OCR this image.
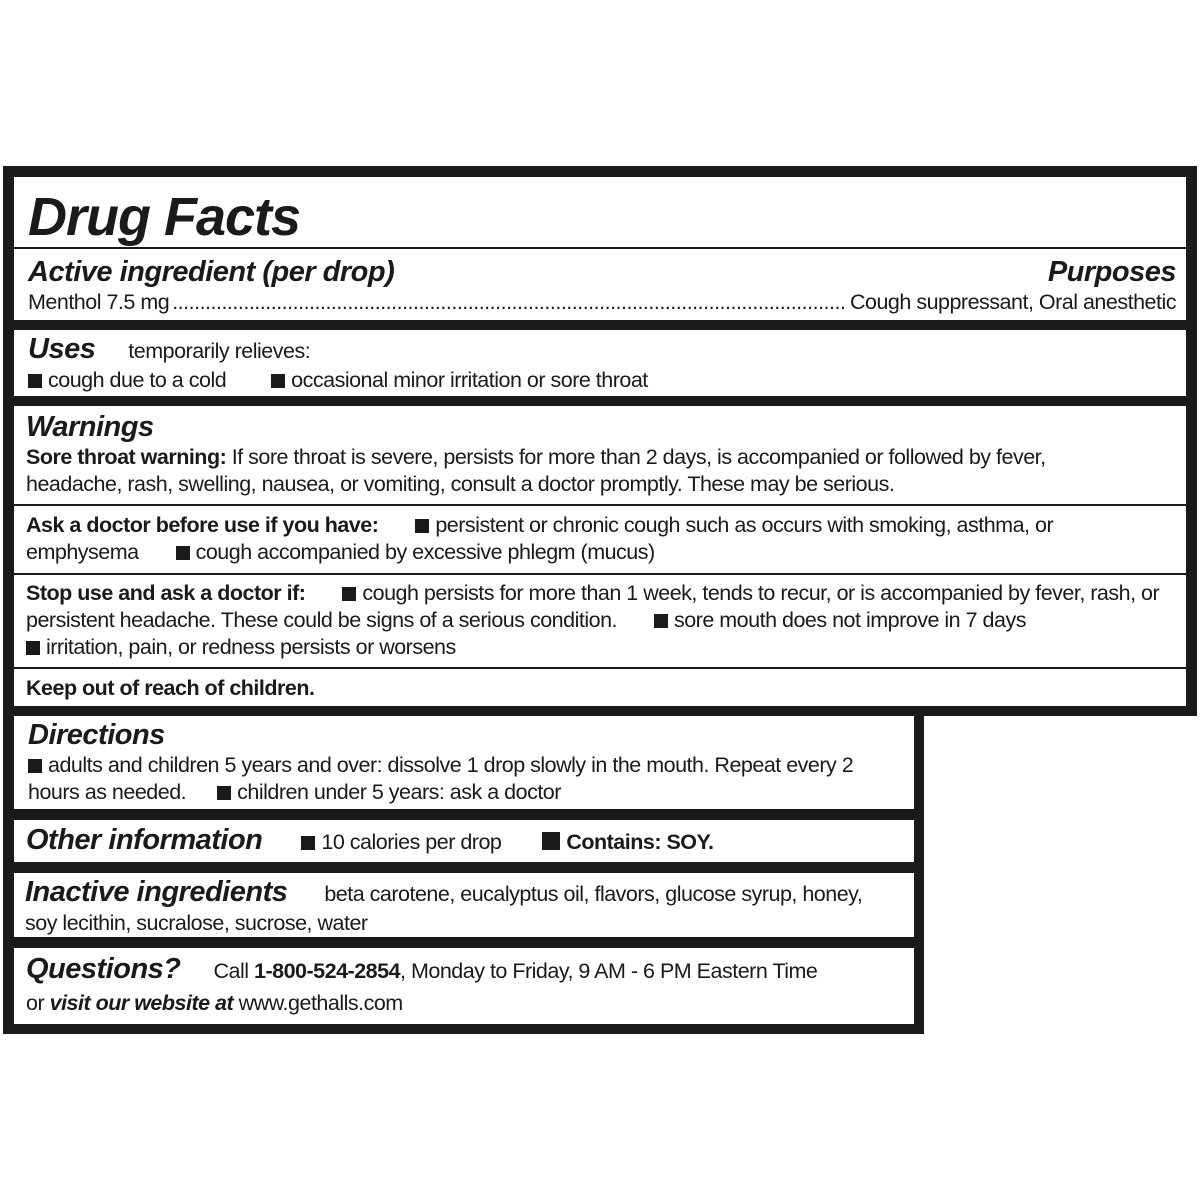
Drug Facts
Active ingredient (per drop)	Purposes
Menthol 7.5 mg
.....	Cough suppressant, Oral anesthetic
Uses temporarily relieves:
cough due to a cold	occasional minor irritation or sore throat
Warnings
Sore throat warning: If sore throat is severe, persists for more than 2 days, is accompanied or followed by fever, headache, rash, swelling, nausea, or vomiting, consult a doctor promptly. These may be serious.
Ask a doctor before use if you have:	persistent or chronic cough such as occurs with smoking, asthma, or emphysema	cough accompanied by excessive phlegm (mucus)
Stop use and ask a doctor if:	cough persists for more than 1 week, tends to recur, or is accompanied by fever, rash, or persistent headache. These could be signs of a serious condition.	sore mouth does not improve in 7 days
irritation, pain, or redness persists or worsens
Keep out of reach of children.
Directions
adults and children 5 years and over: dissolve 1 drop slowly in the mouth. Repeat every 2 hours as needed. children under 5 years: ask a doctor
Other information	10 calories per drop	Contains: SOY.
Inactive ingredients beta carotene, eucalyptus oil, flavors, glucose syrup, honey, soy lecithin, sucralose, sucrose, water
Questions? Call 1-800-524-2854, Monday to Friday, 9 AM - 6 PM Eastern Time
or visit our website at www.gethalls.com
